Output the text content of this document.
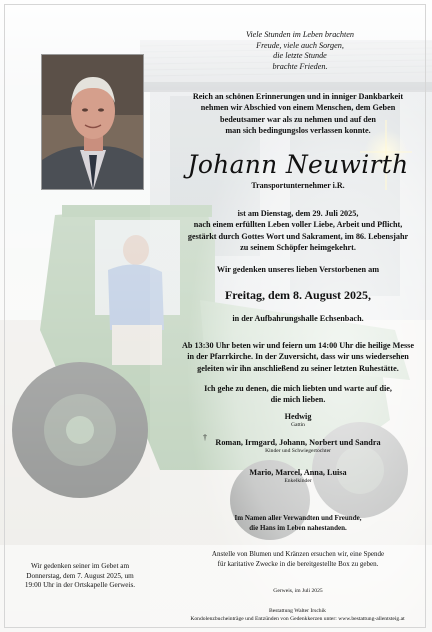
Viele Stunden im Leben brachten
Freude, viele auch Sorgen,
die letzte Stunde
brachte Frieden.
Reich an schönen Erinnerungen und in inniger Dankbarkeit
nehmen wir Abschied von einem Menschen, dem Geben
bedeutsamer war als zu nehmen und auf den
man sich bedingungslos verlassen konnte.
Johann Neuwirth
Transportunternehmer i.R.
ist am Dienstag, dem 29. Juli 2025,
nach einem erfüllten Leben voller Liebe, Arbeit und Pflicht,
gestärkt durch Gottes Wort und Sakrament, im 86. Lebensjahr
zu seinem Schöpfer heimgekehrt.
Wir gedenken unseres lieben Verstorbenen am
Freitag, dem 8. August 2025,
in der Aufbahrungshalle Echsenbach.
Ab 13:30 Uhr beten wir und feiern um 14:00 Uhr die heilige Messe
in der Pfarrkirche. In der Zuversicht, dass wir uns wiedersehen
geleiten wir ihn anschließend zu seiner letzten Ruhestätte.
Ich gehe zu denen, die mich liebten und warte auf die,
die mich lieben.
Hedwig
Gattin
†
Roman, Irmgard, Johann, Norbert und Sandra
Kinder und Schwiegertochter
Mario, Marcel, Anna, Luisa
Enkelkinder
Im Namen aller Verwandten und Freunde,
die Hans im Leben nahestanden.
Anstelle von Blumen und Kränzen ersuchen wir, eine Spende
für karitative Zwecke in die bereitgestellte Box zu geben.
Gerweis, im Juli 2025
Bestattung Walter Irschik
Kondolenzbucheinträge und Entzünden von Gedenkkerzen unter: www.bestattung-allentsteig.at
Wir gedenken seiner im Gebet am
Donnerstag, dem 7. August 2025, um
19:00 Uhr in der Ortskapelle Gerweis.
